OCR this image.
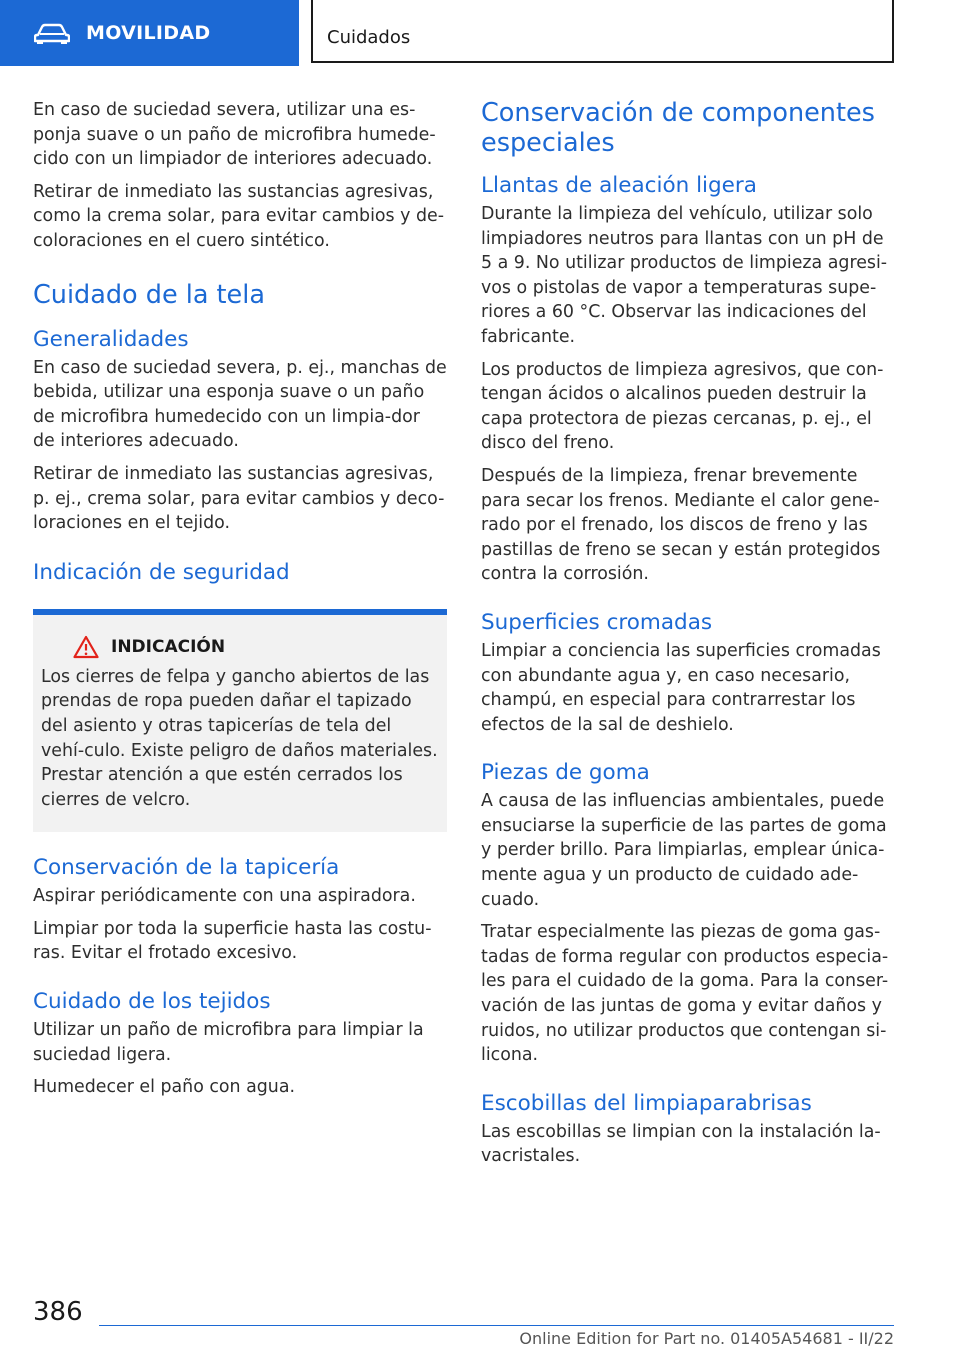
MOVILIDAD	Cuidados

En caso de suciedad severa, utilizar una es-ponja suave o un paño de microfibra humede-cido con un limpiador de interiores adecuado.

Retirar de inmediato las sustancias agresivas, como la crema solar, para evitar cambios y de-coloraciones en el cuero sintético.

Cuidado de la tela
Generalidades

En caso de suciedad severa, p. ej., manchas de bebida, utilizar una esponja suave o un paño de microfibra humedecido con un limpia-dor de interiores adecuado.

Retirar de inmediato las sustancias agresivas, p. ej., crema solar, para evitar cambios y deco-loraciones en el tejido.

Indicación de seguridad
INDICACIÓN

Los cierres de felpa y gancho abiertos de las prendas de ropa pueden dañar el tapizado del asiento y otras tapicerías de tela del vehí-culo. Existe peligro de daños materiales. Prestar atención a que estén cerrados los cierres de velcro.

Conservación de la tapicería

Aspirar periódicamente con una aspiradora.

Limpiar por toda la superficie hasta las costu-ras. Evitar el frotado excesivo.

Cuidado de los tejidos

Utilizar un paño de microfibra para limpiar la suciedad ligera.

Humedecer el paño con agua.

Conservación de componentes especiales
Llantas de aleación ligera

Durante la limpieza del vehículo, utilizar solo limpiadores neutros para llantas con un pH de 5 a 9. No utilizar productos de limpieza agresi-vos o pistolas de vapor a temperaturas supe-riores a 60 °C. Observar las indicaciones del fabricante.

Los productos de limpieza agresivos, que con-tengan ácidos o alcalinos pueden destruir la capa protectora de piezas cercanas, p. ej., el disco del freno.

Después de la limpieza, frenar brevemente para secar los frenos. Mediante el calor gene-rado por el frenado, los discos de freno y las pastillas de freno se secan y están protegidos contra la corrosión.

Superficies cromadas

Limpiar a conciencia las superficies cromadas con abundante agua y, en caso necesario, champú, en especial para contrarrestar los efectos de la sal de deshielo.

Piezas de goma

A causa de las influencias ambientales, puede ensuciarse la superficie de las partes de goma y perder brillo. Para limpiarlas, emplear única-mente agua y un producto de cuidado ade-cuado.

Tratar especialmente las piezas de goma gas-tadas de forma regular con productos especia-les para el cuidado de la goma. Para la conser-vación de las juntas de goma y evitar daños y ruidos, no utilizar productos que contengan si-licona.

Escobillas del limpiaparabrisas

Las escobillas se limpian con la instalación la-vacristales.

386
Online Edition for Part no. 01405A54681 - II/22
